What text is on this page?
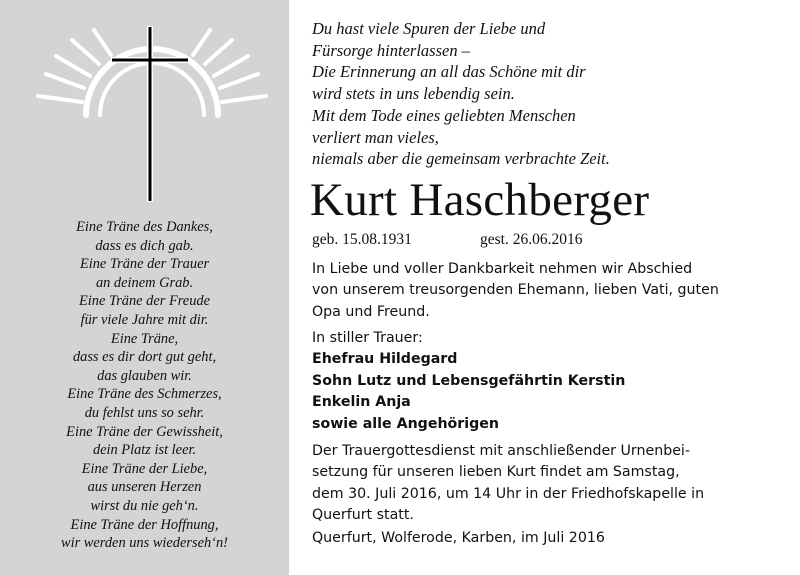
Eine Träne des Dankes,
dass es dich gab.
Eine Träne der Trauer
an deinem Grab.
Eine Träne der Freude
für viele Jahre mit dir.
Eine Träne,
dass es dir dort gut geht,
das glauben wir.
Eine Träne des Schmerzes,
du fehlst uns so sehr.
Eine Träne der Gewissheit,
dein Platz ist leer.
Eine Träne der Liebe,
aus unseren Herzen
wirst du nie geh‘n.
Eine Träne der Hoffnung,
wir werden uns wiederseh‘n!
Du hast viele Spuren der Liebe und
Fürsorge hinterlassen –
Die Erinnerung an all das Schöne mit dir
wird stets in uns lebendig sein.
Mit dem Tode eines geliebten Menschen
verliert man vieles,
niemals aber die gemeinsam verbrachte Zeit.
Kurt Haschberger
geb. 15.08.1931	gest. 26.06.2016
In Liebe und voller Dankbarkeit nehmen wir Abschied
von unserem treusorgenden Ehemann, lieben Vati, guten
Opa und Freund.
In stiller Trauer:
Ehefrau Hildegard
Sohn Lutz und Lebensgefährtin Kerstin
Enkelin Anja
sowie alle Angehörigen
Der Trauergottesdienst mit anschließender Urnenbei-
setzung für unseren lieben Kurt findet am Samstag,
dem 30. Juli 2016, um 14 Uhr in der Friedhofskapelle in
Querfurt statt.
Querfurt, Wolferode, Karben, im Juli 2016
